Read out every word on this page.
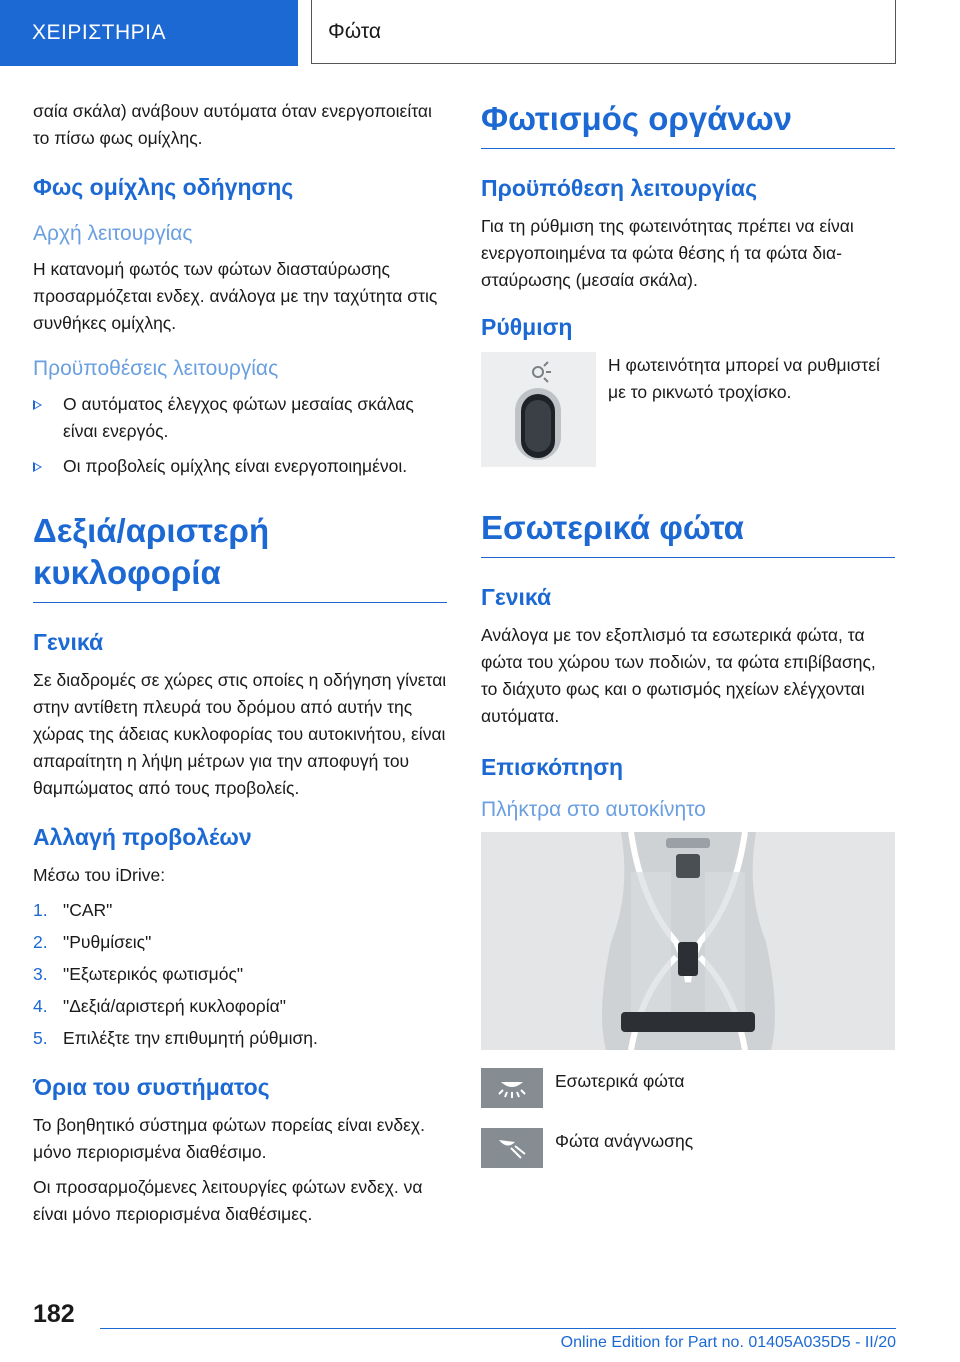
ΧΕΙΡΙΣΤΗΡΙΑ	Φώτα

σαία σκάλα) ανάβουν αυτόματα όταν ενεργοποιείται το πίσω φως ομίχλης.

Φως ομίχλης οδήγησης
Αρχή λειτουργίας

Η κατανομή φωτός των φώτων διασταύρωσης προσαρμόζεται ενδεχ. ανάλογα με την ταχύτητα στις συνθήκες ομίχλης.

Προϋποθέσεις λειτουργίας
Ο αυτόματος έλεγχος φώτων μεσαίας σκάλας είναι ενεργός.
Οι προβολείς ομίχλης είναι ενεργοποιημένοι.
Δεξιά/αριστερή κυκλοφορία
Γενικά

Σε διαδρομές σε χώρες στις οποίες η οδήγηση γίνεται στην αντίθετη πλευρά του δρόμου από αυτήν της χώρας της άδειας κυκλοφορίας του αυτοκινήτου, είναι απαραίτητη η λήψη μέτρων για την αποφυγή του θαμπώματος από τους προβολείς.

Αλλαγή προβολέων

Μέσω του iDrive:

1. "CAR"
2. "Ρυθμίσεις"
3. "Εξωτερικός φωτισμός"
4. "Δεξιά/αριστερή κυκλοφορία"
5. Επιλέξτε την επιθυμητή ρύθμιση.
Όρια του συστήματος

Το βοηθητικό σύστημα φώτων πορείας είναι ενδεχ. μόνο περιορισμένα διαθέσιμο.

Οι προσαρμοζόμενες λειτουργίες φώτων ενδεχ. να είναι μόνο περιορισμένα διαθέσιμες.

Φωτισμός οργάνων
Προϋπόθεση λειτουργίας

Για τη ρύθμιση της φωτεινότητας πρέπει να είναι ενεργοποιημένα τα φώτα θέσης ή τα φώτα διασταύρωσης (μεσαία σκάλα).

Ρύθμιση

Η φωτεινότητα μπορεί να ρυθμιστεί με το ρικνωτό τροχίσκο.

Εσωτερικά φώτα
Γενικά

Ανάλογα με τον εξοπλισμό τα εσωτερικά φώτα, τα φώτα του χώρου των ποδιών, τα φώτα επιβίβασης, το διάχυτο φως και ο φωτισμός ηχείων ελέγχονται αυτόματα.

Επισκόπηση
Πλήκτρα στο αυτοκίνητο
Εσωτερικά φώτα
Φώτα ανάγνωσης
182
Online Edition for Part no. 01405A035D5 - II/20
